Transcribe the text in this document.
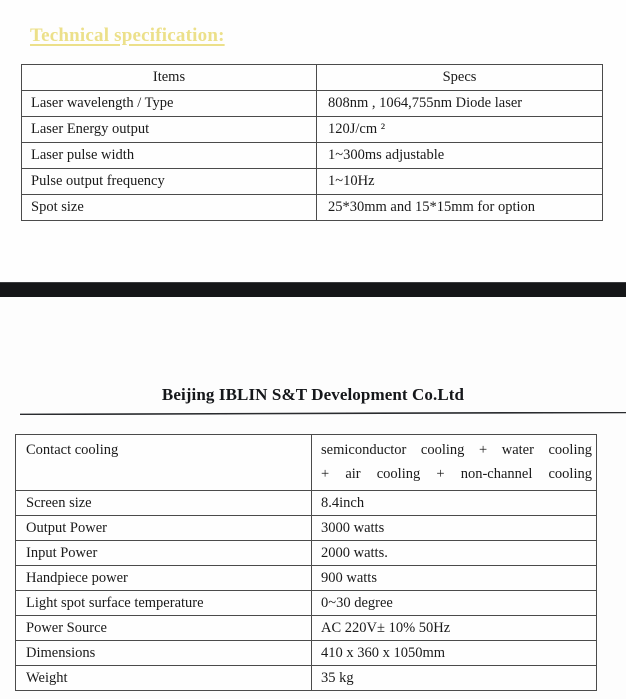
Technical specification:
Items	Specs
Laser wavelength / Type	808nm , 1064,755nm Diode laser
Laser Energy output	120J/cm ²
Laser pulse width	1~300ms adjustable
Pulse output frequency	1~10Hz
Spot size	25*30mm and 15*15mm for option
Beijing IBLIN S&T Development Co.Ltd
Contact cooling	semiconductor cooling + water cooling
+ air cooling + non-channel cooling

Screen size	8.4inch
Output Power	3000 watts
Input Power	2000 watts.
Handpiece power	900 watts
Light spot surface temperature	0~30 degree
Power Source	AC 220V± 10% 50Hz
Dimensions	410 x 360 x 1050mm
Weight	35 kg
